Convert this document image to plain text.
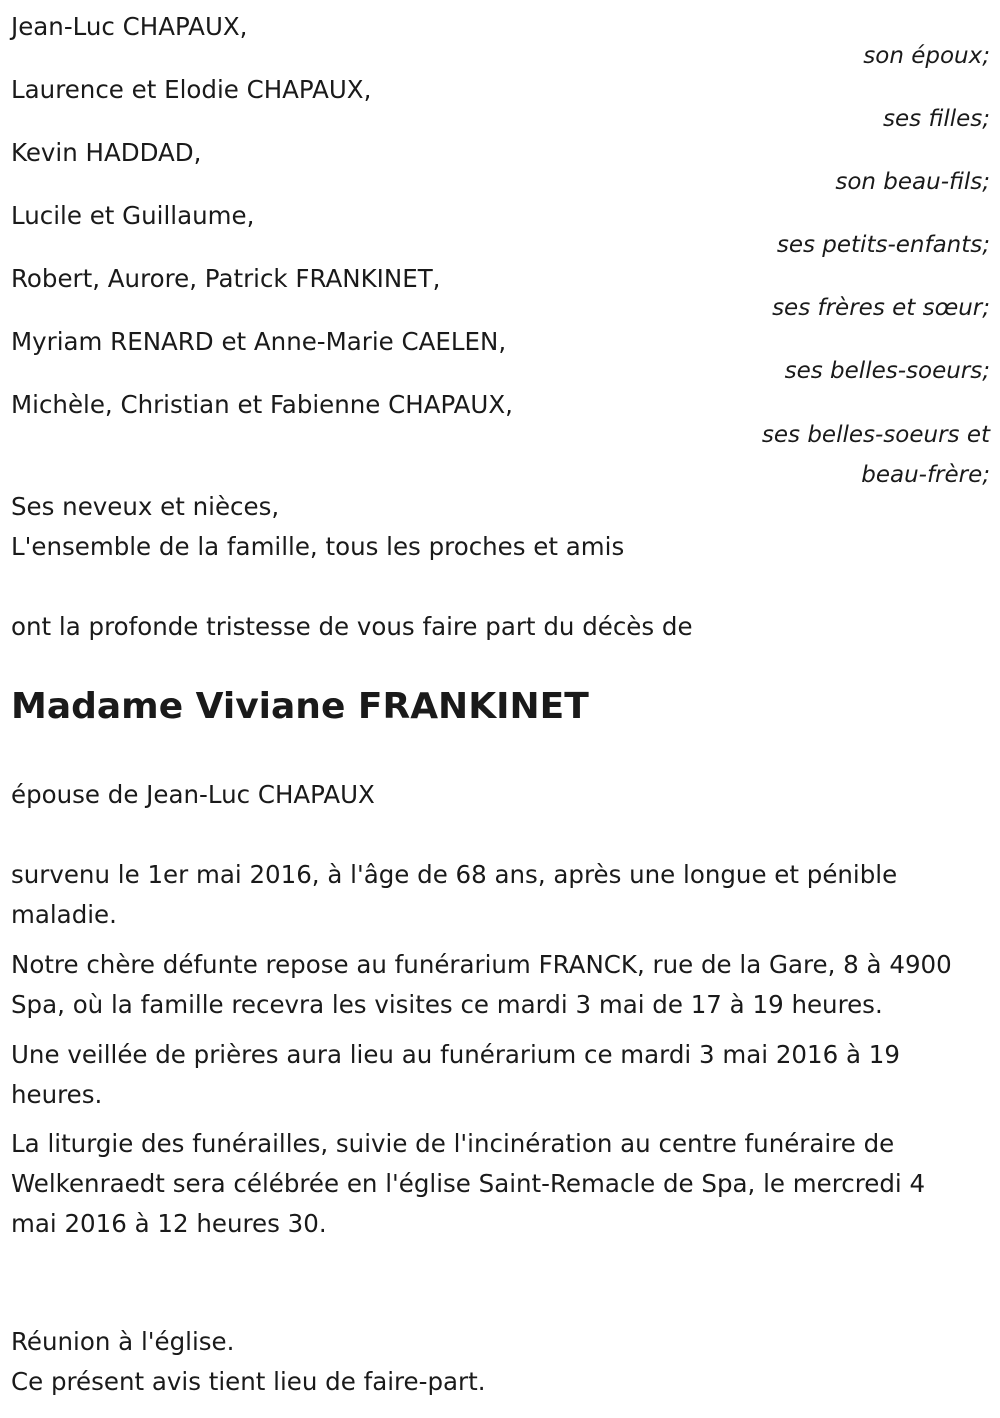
Jean-Luc CHAPAUX,
son époux;
Laurence et Elodie CHAPAUX,
ses filles;
Kevin HADDAD,
son beau-fils;
Lucile et Guillaume,
ses petits-enfants;
Robert, Aurore, Patrick FRANKINET,
ses frères et sœur;
Myriam RENARD et Anne-Marie CAELEN,
ses belles-soeurs;
Michèle, Christian et Fabienne CHAPAUX,
ses belles-soeurs et beau-frère;

Ses neveux et nièces,

L'ensemble de la famille, tous les proches et amis

ont la profonde tristesse de vous faire part du décès de

Madame Viviane FRANKINET

épouse de Jean-Luc CHAPAUX

survenu le 1er mai 2016, à l'âge de 68 ans, après une longue et pénible maladie.

Notre chère défunte repose au funérarium FRANCK, rue de la Gare, 8 à 4900 Spa, où la famille recevra les visites ce mardi 3 mai de 17 à 19 heures.

Une veillée de prières aura lieu au funérarium ce mardi 3 mai 2016 à 19 heures.

La liturgie des funérailles, suivie de l'incinération au centre funéraire de Welkenraedt sera célébrée en l'église Saint-Remacle de Spa, le mercredi 4 mai 2016 à 12 heures 30.

Réunion à l'église.

Ce présent avis tient lieu de faire-part.
